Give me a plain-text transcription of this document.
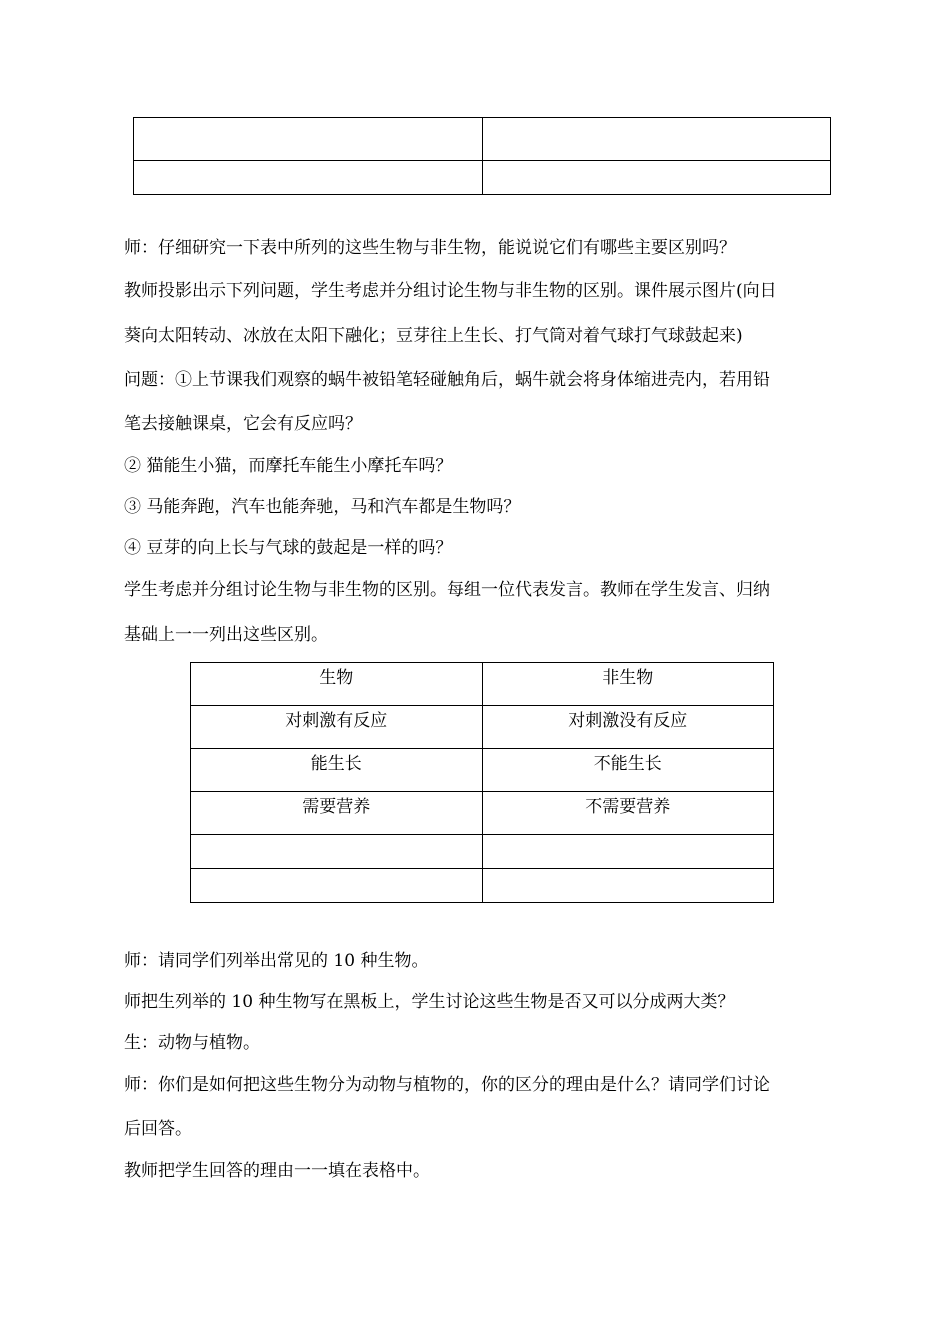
师：仔细研究一下表中所列的这些生物与非生物，能说说它们有哪些主要区别吗？

教师投影出示下列问题，学生考虑并分组讨论生物与非生物的区别。课件展示图片(向日

葵向太阳转动、冰放在太阳下融化；豆芽往上生长、打气筒对着气球打气球鼓起来)

问题：①上节课我们观察的蜗牛被铅笔轻碰触角后，蜗牛就会将身体缩进壳内，若用铅

笔去接触课桌，它会有反应吗？

② 猫能生小猫，而摩托车能生小摩托车吗？

③ 马能奔跑，汽车也能奔驰，马和汽车都是生物吗？

④ 豆芽的向上长与气球的鼓起是一样的吗？

学生考虑并分组讨论生物与非生物的区别。每组一位代表发言。教师在学生发言、归纳

基础上一一列出这些区别。

生物	非生物

对刺激有反应	对刺激没有反应

能生长	不能生长

需要营养	不需要营养

师：请同学们列举出常见的 10 种生物。

师把生列举的 10 种生物写在黑板上，学生讨论这些生物是否又可以分成两大类？

生：动物与植物。

师：你们是如何把这些生物分为动物与植物的，你的区分的理由是什么？请同学们讨论

后回答。

教师把学生回答的理由一一填在表格中。
